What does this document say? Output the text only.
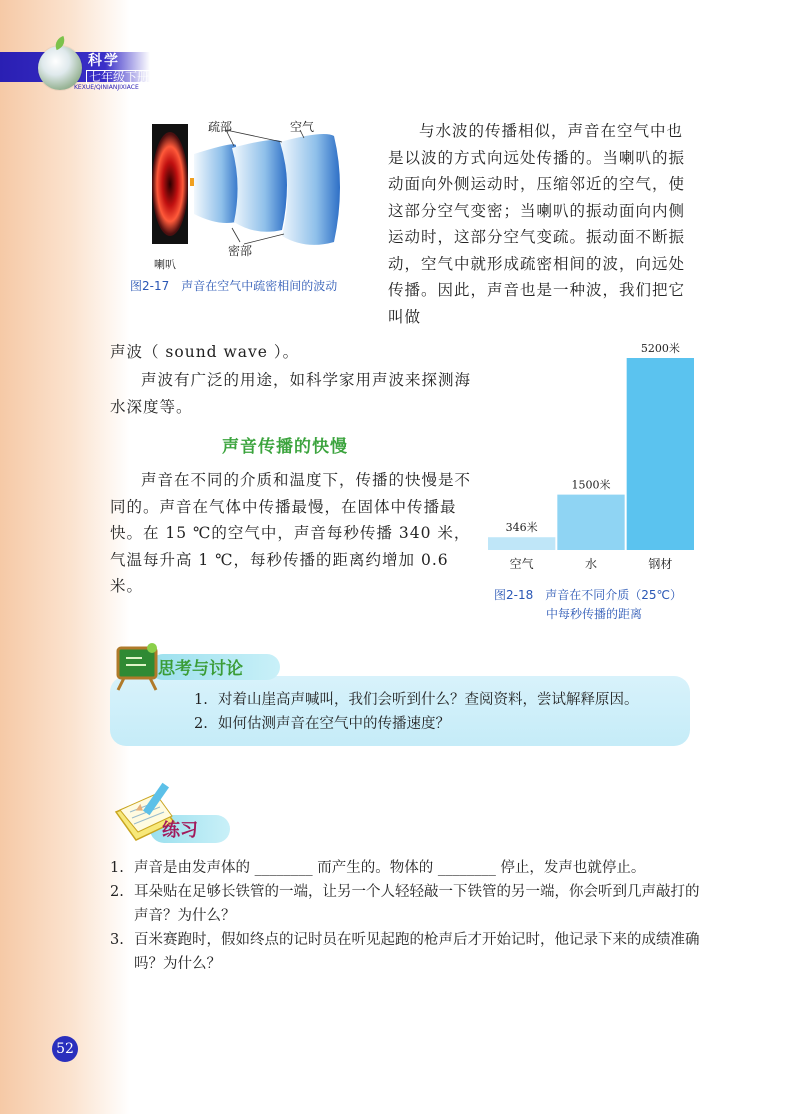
科学
七年级下册
KEXUE/QINIANJIXIACE
疏部	空气
密部
喇叭
图2-17　声音在空气中疏密相间的波动
与水波的传播相似，声音在空气中也是以波的方式向远处传播的。当喇叭的振动面向外侧运动时，压缩邻近的空气，使这部分空气变密；当喇叭的振动面向内侧运动时，这部分空气变疏。振动面不断振动，空气中就形成疏密相间的波，向远处传播。因此，声音也是一种波，我们把它叫做
声波（ sound wave ）。
声波有广泛的用途，如科学家用声波来探测海水深度等。
声音传播的快慢
声音在不同的介质和温度下，传播的快慢是不同的。声音在气体中传播最慢，在固体中传播最快。在 15 ℃的空气中，声音每秒传播 340 米，气温每升高 1 ℃，每秒传播的距离约增加 0.6 米。
346米
空气
1500米
水
5200米
钢材
图2-18　声音在不同介质（25℃）
中每秒传播的距离
思考与讨论
1. 对着山崖高声喊叫，我们会听到什么？查阅资料，尝试解释原因。
2. 如何估测声音在空气中的传播速度？
练习
1. 声音是由发声体的 ________ 而产生的。物体的 ________ 停止，发声也就停止。
2. 耳朵贴在足够长铁管的一端，让另一个人轻轻敲一下铁管的另一端，你会听到几声敲打的声音？为什么？
3. 百米赛跑时，假如终点的记时员在听见起跑的枪声后才开始记时，他记录下来的成绩准确吗？为什么？
52
